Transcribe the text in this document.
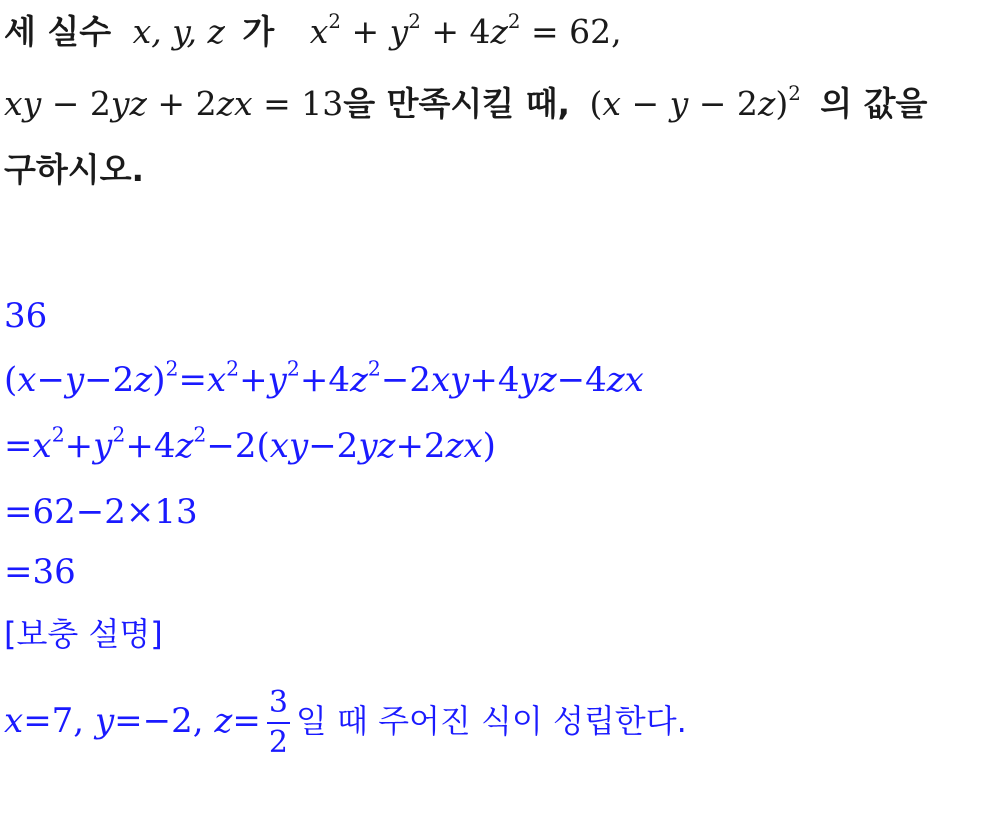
세 실수 x, y, z 가 $x^2 + y^2 + 4z^2 = 62$,
xy − 2yz + 2zx = 13을 만족시킬 때, $(x - y - 2z)^2$ 의 값을
구하시오.
36
$(x-y-2z)^2=x^2+y^2+4z^2-2xy+4yz-4zx$
$=x^2+y^2+4z^2-2(xy-2yz+2zx)$
=62−2×13
=36
[보충 설명]
x=7, y=−2, $z= \frac{3}{2}$ 일 때 주어진 식이 성립한다.
